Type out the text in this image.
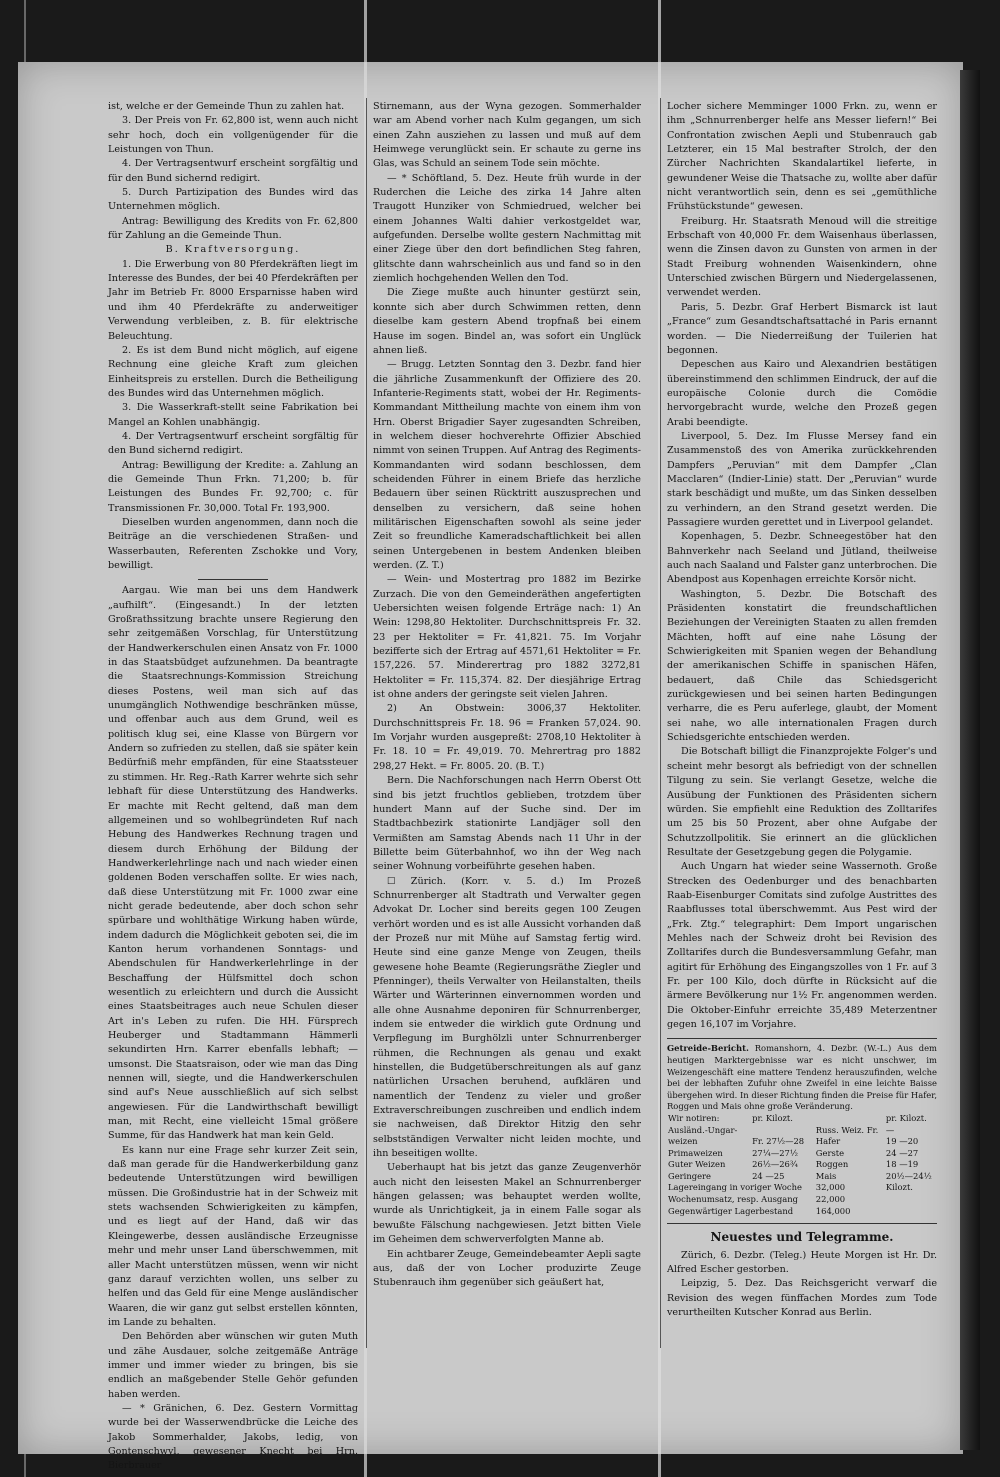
ist, welche er der Gemeinde Thun zu zahlen hat.

3. Der Preis von Fr. 62,800 ist, wenn auch nicht sehr hoch, doch ein vollgenügender für die Leistungen von Thun.

4. Der Vertragsentwurf erscheint sorgfältig und für den Bund sichernd redigirt.

5. Durch Partizipation des Bundes wird das Unternehmen möglich.

Antrag: Bewilligung des Kredits von Fr. 62,800 für Zahlung an die Gemeinde Thun.

B. Kraftversorgung.

1. Die Erwerbung von 80 Pferdekräften liegt im Interesse des Bundes, der bei 40 Pferdekräften per Jahr im Betrieb Fr. 8000 Ersparnisse haben wird und ihm 40 Pferdekräfte zu anderweitiger Verwendung verbleiben, z. B. für elektrische Beleuchtung.

2. Es ist dem Bund nicht möglich, auf eigene Rechnung eine gleiche Kraft zum gleichen Einheitspreis zu erstellen. Durch die Betheiligung des Bundes wird das Unternehmen möglich.

3. Die Wasserkraft-stellt seine Fabrikation bei Mangel an Kohlen unabhängig.

4. Der Vertragsentwurf erscheint sorgfältig für den Bund sichernd redigirt.

Antrag: Bewilligung der Kredite: a. Zahlung an die Gemeinde Thun Frkn. 71,200; b. für Leistungen des Bundes Fr. 92,700; c. für Transmissionen Fr. 30,000. Total Fr. 193,900.

Dieselben wurden angenommen, dann noch die Beiträge an die verschiedenen Straßen- und Wasserbauten, Referenten Zschokke und Vory, bewilligt.

Aargau. Wie man bei uns dem Handwerk „aufhilft“. (Eingesandt.) In der letzten Großrathssitzung brachte unsere Regierung den sehr zeitgemäßen Vorschlag, für Unterstützung der Handwerkerschulen einen Ansatz von Fr. 1000 in das Staatsbüdget aufzunehmen. Da beantragte die Staatsrechnungs-Kommission Streichung dieses Postens, weil man sich auf das unumgänglich Nothwendige beschränken müsse, und offenbar auch aus dem Grund, weil es politisch klug sei, eine Klasse von Bürgern vor Andern so zufrieden zu stellen, daß sie später kein Bedürfniß mehr empfänden, für eine Staatssteuer zu stimmen. Hr. Reg.-Rath Karrer wehrte sich sehr lebhaft für diese Unterstützung des Handwerks. Er machte mit Recht geltend, daß man dem allgemeinen und so wohlbegründeten Ruf nach Hebung des Handwerkes Rechnung tragen und diesem durch Erhöhung der Bildung der Handwerkerlehrlinge nach und nach wieder einen goldenen Boden verschaffen sollte. Er wies nach, daß diese Unterstützung mit Fr. 1000 zwar eine nicht gerade bedeutende, aber doch schon sehr spürbare und wohlthätige Wirkung haben würde, indem dadurch die Möglichkeit geboten sei, die im Kanton herum vorhandenen Sonntags- und Abendschulen für Handwerkerlehrlinge in der Beschaffung der Hülfsmittel doch schon wesentlich zu erleichtern und durch die Aussicht eines Staatsbeitrages auch neue Schulen dieser Art in's Leben zu rufen. Die HH. Fürsprech Heuberger und Stadtammann Hämmerli sekundirten Hrn. Karrer ebenfalls lebhaft; — umsonst. Die Staatsraison, oder wie man das Ding nennen will, siegte, und die Handwerkerschulen sind auf's Neue ausschließlich auf sich selbst angewiesen. Für die Landwirthschaft bewilligt man, mit Recht, eine vielleicht 15mal größere Summe, für das Handwerk hat man kein Geld.

Es kann nur eine Frage sehr kurzer Zeit sein, daß man gerade für die Handwerkerbildung ganz bedeutende Unterstützungen wird bewilligen müssen. Die Großindustrie hat in der Schweiz mit stets wachsenden Schwierigkeiten zu kämpfen, und es liegt auf der Hand, daß wir das Kleingewerbe, dessen ausländische Erzeugnisse mehr und mehr unser Land überschwemmen, mit aller Macht unterstützen müssen, wenn wir nicht ganz darauf verzichten wollen, uns selber zu helfen und das Geld für eine Menge ausländischer Waaren, die wir ganz gut selbst erstellen könnten, im Lande zu behalten.

Den Behörden aber wünschen wir guten Muth und zähe Ausdauer, solche zeitgemäße Anträge immer und immer wieder zu bringen, bis sie endlich an maßgebender Stelle Gehör gefunden haben werden.

— * Gränichen, 6. Dez. Gestern Vormittag wurde bei der Wasserwendbrücke die Leiche des Jakob Sommerhalder, Jakobs, ledig, von Gontenschwyl, gewesener Knecht bei Hrn. Bierbrauer

Stirnemann, aus der Wyna gezogen. Sommerhalder war am Abend vorher nach Kulm gegangen, um sich einen Zahn ausziehen zu lassen und muß auf dem Heimwege verunglückt sein. Er schaute zu gerne ins Glas, was Schuld an seinem Tode sein möchte.

— * Schöftland, 5. Dez. Heute früh wurde in der Ruderchen die Leiche des zirka 14 Jahre alten Traugott Hunziker von Schmiedrued, welcher bei einem Johannes Walti dahier verkostgeldet war, aufgefunden. Derselbe wollte gestern Nachmittag mit einer Ziege über den dort befindlichen Steg fahren, glitschte dann wahrscheinlich aus und fand so in den ziemlich hochgehenden Wellen den Tod.

Die Ziege mußte auch hinunter gestürzt sein, konnte sich aber durch Schwimmen retten, denn dieselbe kam gestern Abend tropfnaß bei einem Hause im sogen. Bindel an, was sofort ein Unglück ahnen ließ.

— Brugg. Letzten Sonntag den 3. Dezbr. fand hier die jährliche Zusammenkunft der Offiziere des 20. Infanterie-Regiments statt, wobei der Hr. Regiments-Kommandant Mittheilung machte von einem ihm von Hrn. Oberst Brigadier Sayer zugesandten Schreiben, in welchem dieser hochverehrte Offizier Abschied nimmt von seinen Truppen. Auf Antrag des Regiments-Kommandanten wird sodann beschlossen, dem scheidenden Führer in einem Briefe das herzliche Bedauern über seinen Rücktritt auszusprechen und denselben zu versichern, daß seine hohen militärischen Eigenschaften sowohl als seine jeder Zeit so freundliche Kameradschaftlichkeit bei allen seinen Untergebenen in bestem Andenken bleiben werden. (Z. T.)

— Wein- und Mostertrag pro 1882 im Bezirke Zurzach. Die von den Gemeinderäthen angefertigten Uebersichten weisen folgende Erträge nach: 1) An Wein: 1298,80 Hektoliter. Durchschnittspreis Fr. 32. 23 per Hektoliter = Fr. 41,821. 75. Im Vorjahr bezifferte sich der Ertrag auf 4571,61 Hektoliter = Fr. 157,226. 57. Minderertrag pro 1882 3272,81 Hektoliter = Fr. 115,374. 82. Der diesjährige Ertrag ist ohne anders der geringste seit vielen Jahren.

2) An Obstwein: 3006,37 Hektoliter. Durchschnittspreis Fr. 18. 96 = Franken 57,024. 90. Im Vorjahr wurden ausgepreßt: 2708,10 Hektoliter à Fr. 18. 10 = Fr. 49,019. 70. Mehrertrag pro 1882 298,27 Hekt. = Fr. 8005. 20. (B. T.)

Bern. Die Nachforschungen nach Herrn Oberst Ott sind bis jetzt fruchtlos geblieben, trotzdem über hundert Mann auf der Suche sind. Der im Stadtbachbezirk stationirte Landjäger soll den Vermißten am Samstag Abends nach 11 Uhr in der Billette beim Güterbahnhof, wo ihn der Weg nach seiner Wohnung vorbeiführte gesehen haben.

☐ Zürich. (Korr. v. 5. d.) Im Prozeß Schnurrenberger alt Stadtrath und Verwalter gegen Advokat Dr. Locher sind bereits gegen 100 Zeugen verhört worden und es ist alle Aussicht vorhanden daß der Prozeß nur mit Mühe auf Samstag fertig wird. Heute sind eine ganze Menge von Zeugen, theils gewesene hohe Beamte (Regierungsräthe Ziegler und Pfenninger), theils Verwalter von Heilanstalten, theils Wärter und Wärterinnen einvernommen worden und alle ohne Ausnahme deponiren für Schnurrenberger, indem sie entweder die wirklich gute Ordnung und Verpflegung im Burghölzli unter Schnurrenberger rühmen, die Rechnungen als genau und exakt hinstellen, die Budgetüberschreitungen als auf ganz natürlichen Ursachen beruhend, aufklären und namentlich der Tendenz zu vieler und großer Extraverschreibungen zuschreiben und endlich indem sie nachweisen, daß Direktor Hitzig den sehr selbstständigen Verwalter nicht leiden mochte, und ihn beseitigen wollte.

Ueberhaupt hat bis jetzt das ganze Zeugenverhör auch nicht den leisesten Makel an Schnurrenberger hängen gelassen; was behauptet werden wollte, wurde als Unrichtigkeit, ja in einem Falle sogar als bewußte Fälschung nachgewiesen. Jetzt bitten Viele im Geheimen dem schwerverfolgten Manne ab.

Ein achtbarer Zeuge, Gemeindebeamter Aepli sagte aus, daß der von Locher produzirte Zeuge Stubenrauch ihm gegenüber sich geäußert hat,

Locher sichere Memminger 1000 Frkn. zu, wenn er ihm „Schnurrenberger helfe ans Messer liefern!“ Bei Confrontation zwischen Aepli und Stubenrauch gab Letzterer, ein 15 Mal bestrafter Strolch, der den Zürcher Nachrichten Skandalartikel lieferte, in gewundener Weise die Thatsache zu, wollte aber dafür nicht verantwortlich sein, denn es sei „gemüthliche Frühstückstunde“ gewesen.

Freiburg. Hr. Staatsrath Menoud will die streitige Erbschaft von 40,000 Fr. dem Waisenhaus überlassen, wenn die Zinsen davon zu Gunsten von armen in der Stadt Freiburg wohnenden Waisenkindern, ohne Unterschied zwischen Bürgern und Niedergelassenen, verwendet werden.

Paris, 5. Dezbr. Graf Herbert Bismarck ist laut „France“ zum Gesandtschaftsattaché in Paris ernannt worden. — Die Niederreißung der Tuilerien hat begonnen.

Depeschen aus Kairo und Alexandrien bestätigen übereinstimmend den schlimmen Eindruck, der auf die europäische Colonie durch die Comödie hervorgebracht wurde, welche den Prozeß gegen Arabi beendigte.

Liverpool, 5. Dez. Im Flusse Mersey fand ein Zusammenstoß des von Amerika zurückkehrenden Dampfers „Peruvian“ mit dem Dampfer „Clan Macclaren“ (Indier-Linie) statt. Der „Peruvian“ wurde stark beschädigt und mußte, um das Sinken desselben zu verhindern, an den Strand gesetzt werden. Die Passagiere wurden gerettet und in Liverpool gelandet.

Kopenhagen, 5. Dezbr. Schneegestöber hat den Bahnverkehr nach Seeland und Jütland, theilweise auch nach Saaland und Falster ganz unterbrochen. Die Abendpost aus Kopenhagen erreichte Korsör nicht.

Washington, 5. Dezbr. Die Botschaft des Präsidenten konstatirt die freundschaftlichen Beziehungen der Vereinigten Staaten zu allen fremden Mächten, hofft auf eine nahe Lösung der Schwierigkeiten mit Spanien wegen der Behandlung der amerikanischen Schiffe in spanischen Häfen, bedauert, daß Chile das Schiedsgericht zurückgewiesen und bei seinen harten Bedingungen verharre, die es Peru auferlege, glaubt, der Moment sei nahe, wo alle internationalen Fragen durch Schiedsgerichte entschieden werden.

Die Botschaft billigt die Finanzprojekte Folger's und scheint mehr besorgt als befriedigt von der schnellen Tilgung zu sein. Sie verlangt Gesetze, welche die Ausübung der Funktionen des Präsidenten sichern würden. Sie empfiehlt eine Reduktion des Zolltarifes um 25 bis 50 Prozent, aber ohne Aufgabe der Schutzzollpolitik. Sie erinnert an die glücklichen Resultate der Gesetzgebung gegen die Polygamie.

Auch Ungarn hat wieder seine Wassernoth. Große Strecken des Oedenburger und des benachbarten Raab-Eisenburger Comitats sind zufolge Austrittes des Raabflusses total überschwemmt. Aus Pest wird der „Frk. Ztg.“ telegraphirt: Dem Import ungarischen Mehles nach der Schweiz droht bei Revision des Zolltarifes durch die Bundesversammlung Gefahr, man agitirt für Erhöhung des Eingangszolles von 1 Fr. auf 3 Fr. per 100 Kilo, doch dürfte in Rücksicht auf die ärmere Bevölkerung nur 1½ Fr. angenommen werden. Die Oktober-Einfuhr erreichte 35,489 Meterzentner gegen 16,107 im Vorjahre.

Getreide-Bericht. Romanshorn, 4. Dezbr. (W.-L.) Aus dem heutigen Marktergebnisse war es nicht unschwer, im Weizengeschäft eine mattere Tendenz herauszufinden, welche bei der lebhaften Zufuhr ohne Zweifel in eine leichte Baisse übergehen wird. In dieser Richtung finden die Preise für Hafer, Roggen und Mais ohne große Veränderung.

Wir notiren:	pr. Kilozt.		pr. Kilozt.
Ausländ.-Ungar-		Russ. Weiz. Fr.	—
weizen	Fr. 27½—28	Hafer	19 —20
Primaweizen	27¼—27½	Gerste	24 —27
Guter Weizen	26½—26¾	Roggen	18 —19
Geringere	24 —25	Mais	20½—24½
Lagereingang in voriger Woche		32,000	Kilozt.
Wochenumsatz, resp. Ausgang		22,000	
Gegenwärtiger Lagerbestand		164,000	

Neuestes und Telegramme.

Zürich, 6. Dezbr. (Teleg.) Heute Morgen ist Hr. Dr. Alfred Escher gestorben.

Leipzig, 5. Dez. Das Reichsgericht verwarf die Revision des wegen fünffachen Mordes zum Tode verurtheilten Kutscher Konrad aus Berlin.
